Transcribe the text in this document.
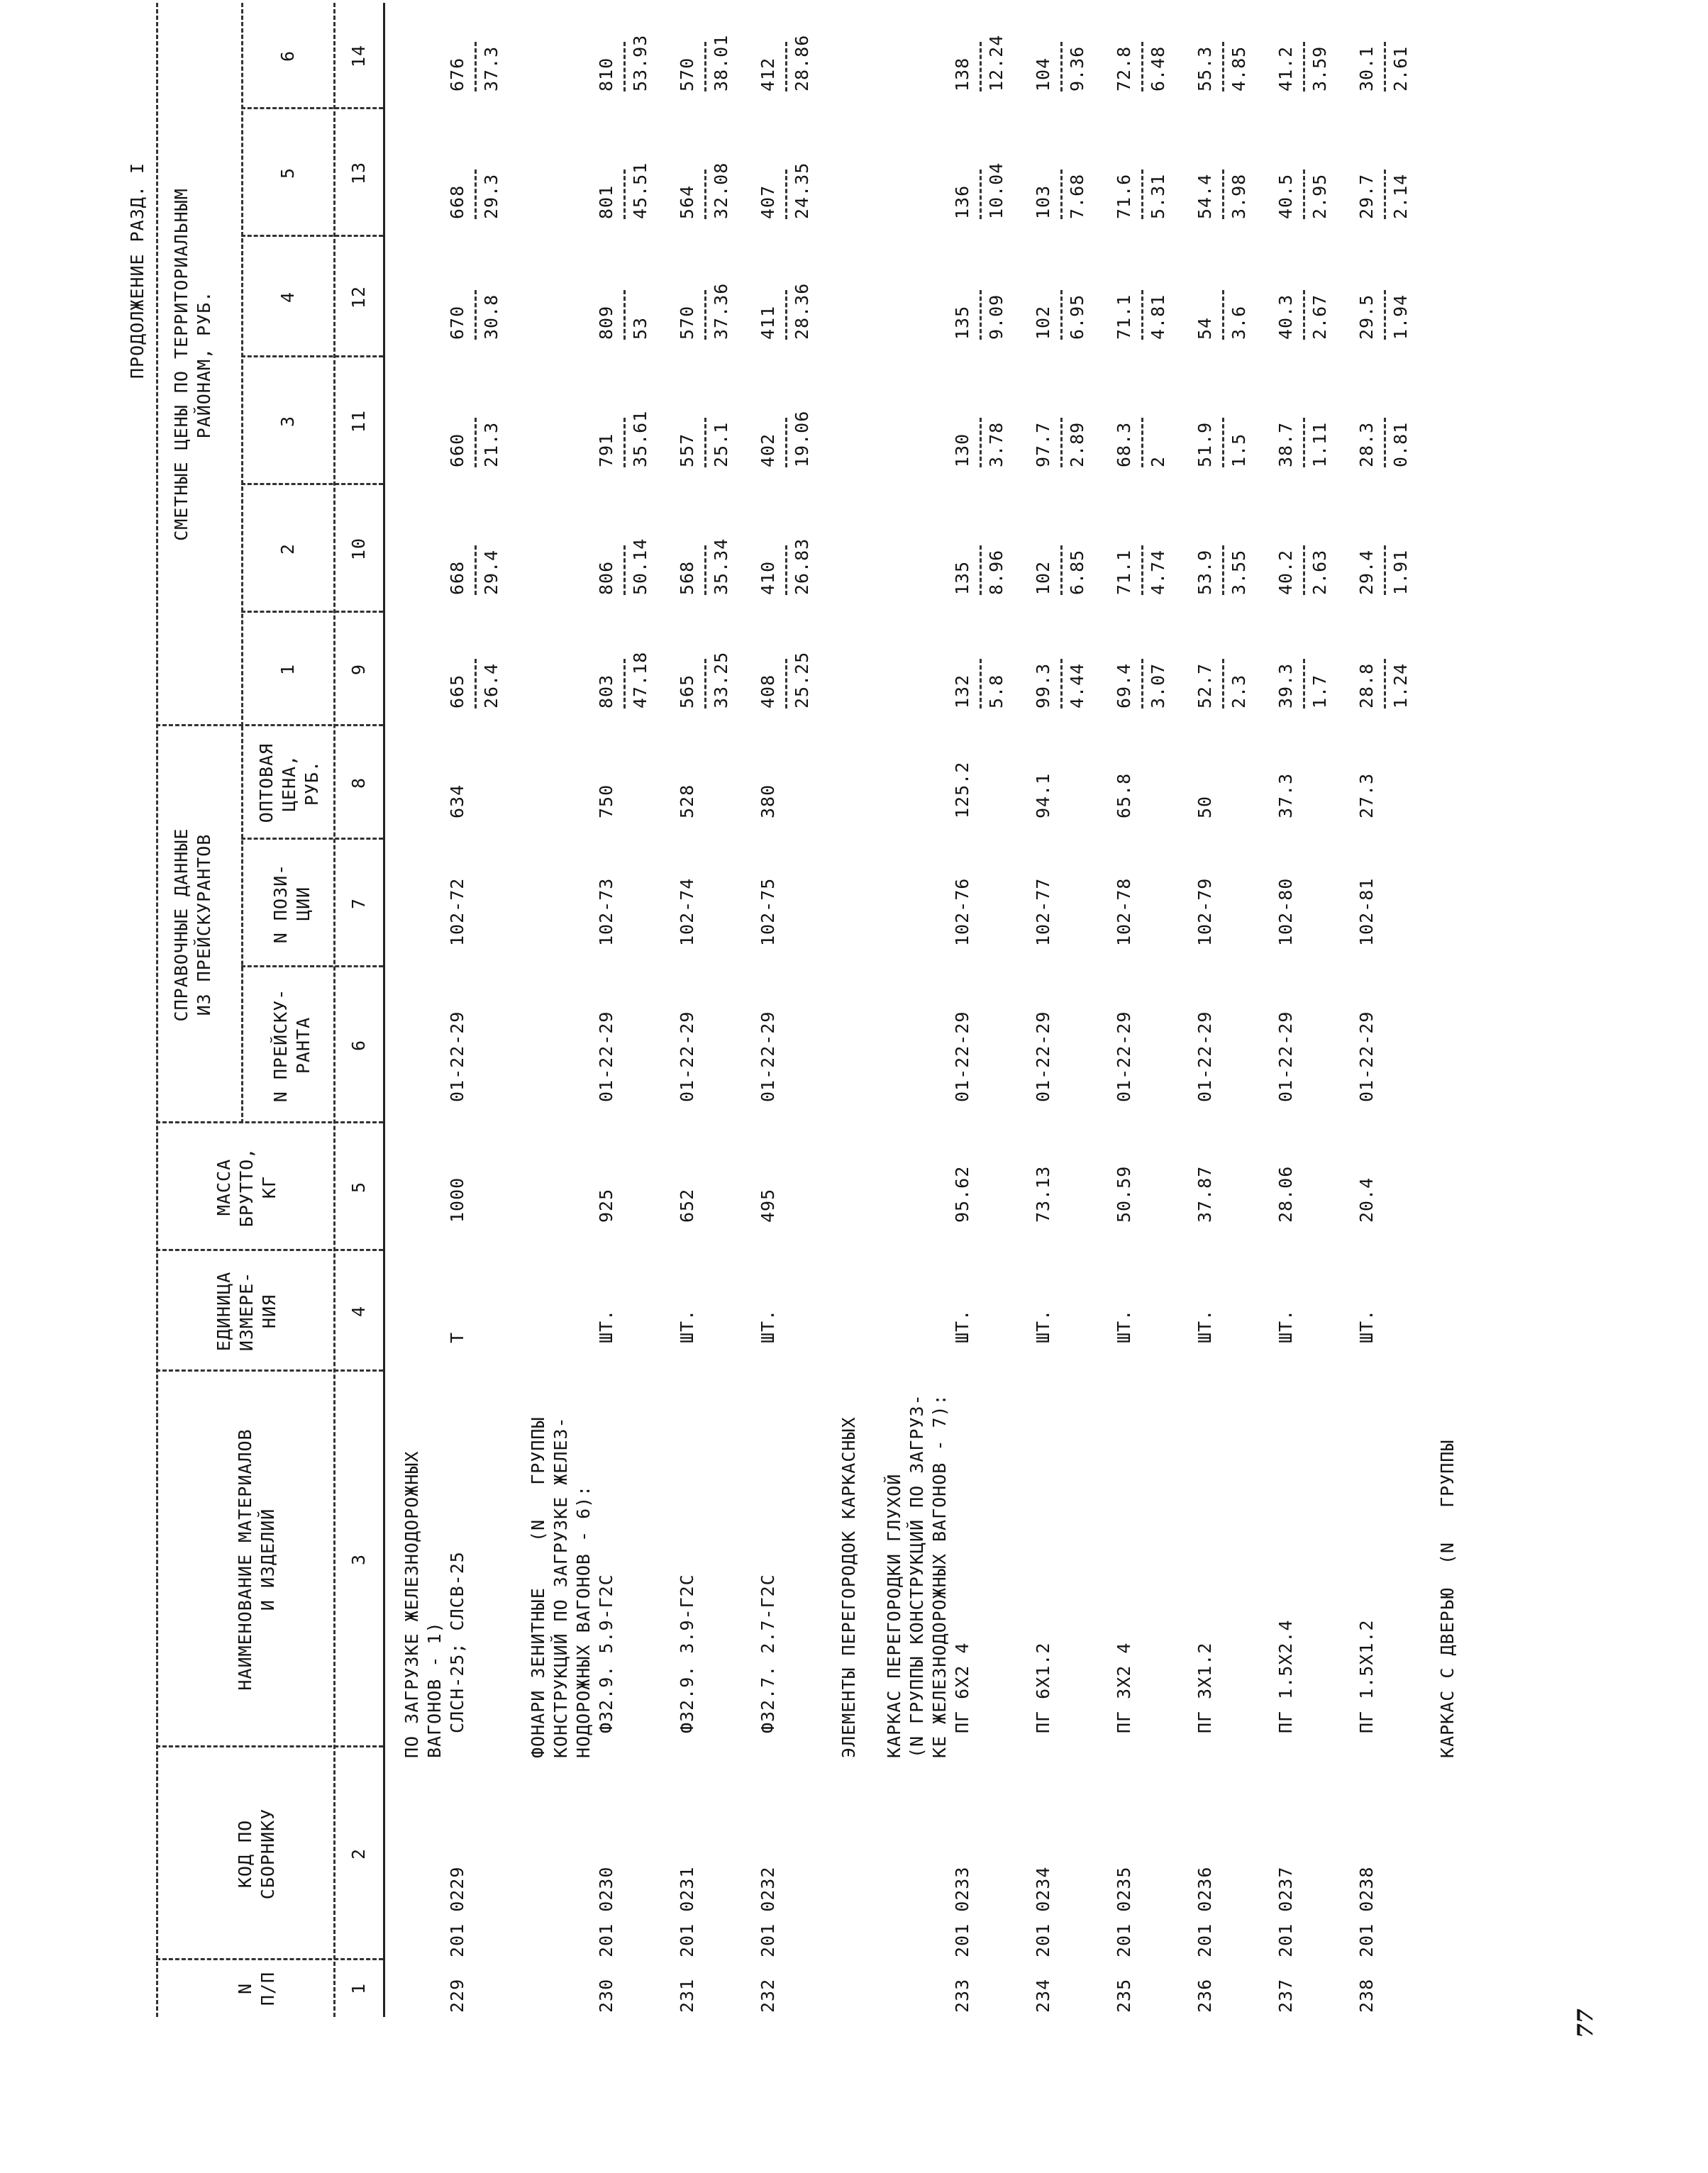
ПРОДОЛЖЕНИЕ РАЗД. I
77
N П/П
КОД ПО СБОРНИКУ
НАИМЕНОВАНИЕ МАТЕРИАЛОВ И ИЗДЕЛИЙ
ЕДИНИЦА ИЗМЕРЕ- НИЯ
МАССА БРУТТО, КГ
N ПРЕЙСКУ- РАНТА
N ПОЗИ- ЦИИ
ОПТОВАЯ ЦЕНА, РУБ.
СПРАВОЧНЫЕ ДАННЫЕ ИЗ ПРЕЙСКУРАНТОВ
СМЕТНЫЕ ЦЕНЫ ПО ТЕРРИТОРИАЛЬНЫМ РАЙОНАМ, РУБ.
1
2
3
4
5
6
1
2
3
4
5
6
7
8
9
10
11
12
13
14
ПО ЗАГРУЗКЕ ЖЕЛЕЗНОДОРОЖНЫХ ВАГОНОВ - 1)
229
201 0229
СЛСН-25; СЛСВ-25
Т
1000
01-22-29
102-72
634
665 26.4
668 29.4
660 21.3
670 30.8
668 29.3
676 37.3
ФОНАРИ ЗЕНИТНЫЕ    (N   ГРУППЫ КОНСТРУКЦИЙ ПО ЗАГРУЗКЕ ЖЕЛЕЗ- НОДОРОЖНЫХ ВАГОНОВ - 6):
230
201 0230
Ф32.9. 5.9-Г2С
ШТ.
925
01-22-29
102-73
750
803 47.18
806 50.14
791 35.61
809 53
801 45.51
810 53.93
231
201 0231
Ф32.9. 3.9-Г2С
ШТ.
652
01-22-29
102-74
528
565 33.25
568 35.34
557 25.1
570 37.36
564 32.08
570 38.01
232
201 0232
Ф32.7. 2.7-Г2С
ШТ.
495
01-22-29
102-75
380
408 25.25
410 26.83
402 19.06
411 28.36
407 24.35
412 28.86
ЭЛЕМЕНТЫ ПЕРЕГОРОДОК КАРКАСНЫХ КАРКАС ПЕРЕГОРОДКИ ГЛУХОЙ (N ГРУППЫ КОНСТРУКЦИЙ ПО ЗАГРУЗ- КЕ ЖЕЛЕЗНОДОРОЖНЫХ ВАГОНОВ - 7):
233
201 0233
ПГ 6Х2 4
ШТ.
95.62
01-22-29
102-76
125.2
132 5.8
135 8.96
130 3.78
135 9.09
136 10.04
138 12.24
234
201 0234
ПГ 6Х1.2
ШТ.
73.13
01-22-29
102-77
94.1
99.3 4.44
102 6.85
97.7 2.89
102 6.95
103 7.68
104 9.36
235
201 0235
ПГ 3Х2 4
ШТ.
50.59
01-22-29
102-78
65.8
69.4 3.07
71.1 4.74
68.3 2
71.1 4.81
71.6 5.31
72.8 6.48
236
201 0236
ПГ 3Х1.2
ШТ.
37.87
01-22-29
102-79
50
52.7 2.3
53.9 3.55
51.9 1.5
54 3.6
54.4 3.98
55.3 4.85
237
201 0237
ПГ 1.5Х2.4
ШТ.
28.06
01-22-29
102-80
37.3
39.3 1.7
40.2 2.63
38.7 1.11
40.3 2.67
40.5 2.95
41.2 3.59
238
201 0238
ПГ 1.5Х1.2
ШТ.
20.4
01-22-29
102-81
27.3
28.8 1.24
29.4 1.91
28.3 0.81
29.5 1.94
29.7 2.14
30.1 2.61
КАРКАС С ДВЕРЬЮ  (N   ГРУППЫ
